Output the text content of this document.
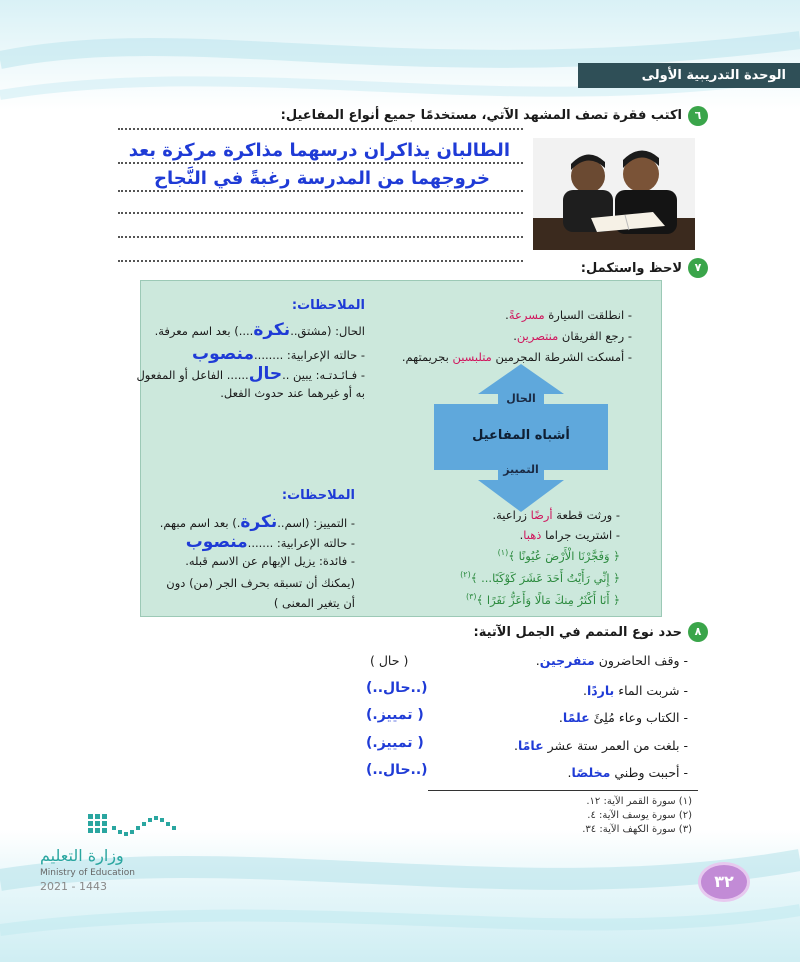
الوحدة التدريبية الأولى
٦
اكتب فقرة تصف المشهد الآتي، مستخدمًا جميع أنواع المفاعيل:
الطالبان يذاكران درسهما مذاكرة مركزة بعد
خروجهما من المدرسة رغبةً في النَّجاح
٧
لاحظ واستكمل:
- انطلقت السيارة مسرعةً.
- رجع الفريقان منتصرين.
- أمسكت الشرطة المجرمين متلبسين بجريمتهم.
الملاحظات:
الحال: (مشتق..نكرة....) بعد اسم معرفة.
- حالته الإعرابية: ........منصوب
- فـائـدتـه: يبين ..حال...... الفاعل أو المفعول
به أو غيرهما عند حدوث الفعل.	الحال
أشباه المفاعيل
التمييز
الملاحظات:
- التمييز: (اسم..نكرة.) بعد اسم مبهم.
- حالته الإعرابية: .......منصوب
- فائدة: يزيل الإبهام عن الاسم قبله.
(يمكنك أن تسبقه بحرف الجر (من) دون
أن يتغير المعنى )
- ورثت قطعة أرضًا زراعية.
- اشتريت جراما ذهبا.
﴿ وَفَجَّرْنَا الْأَرْضَ عُيُونًا ﴾$^{(١)}$
﴿ إِنِّي رَأَيْتُ أَحَدَ عَشَرَ كَوْكَبًا... ﴾$^{(٢)}$
﴿ أَنَا أَكْثَرُ مِنكَ مَالًا وَأَعَزُّ نَفَرًا ﴾$^{(٣)}$
٨
حدد نوع المتمم في الجمل الآتية:
- وقف الحاضرون متفرجين.
( حال )
- شربت الماء باردًا.
(..حال..)
- الكتاب وعاء مُلِئَ علمًا.
( تمييز.)
- بلغت من العمر ستة عشر عامًا.
( تمييز.)
- أحببت وطني مخلصًا.
(..حال..)
(١) سورة القمر الآية: ١٢.
(٢) سورة يوسف الآية: ٤.
(٣) سورة الكهف الآية: ٣٤.
وزارة التعليم
Ministry of Education
2021 - 1443	٣٢
